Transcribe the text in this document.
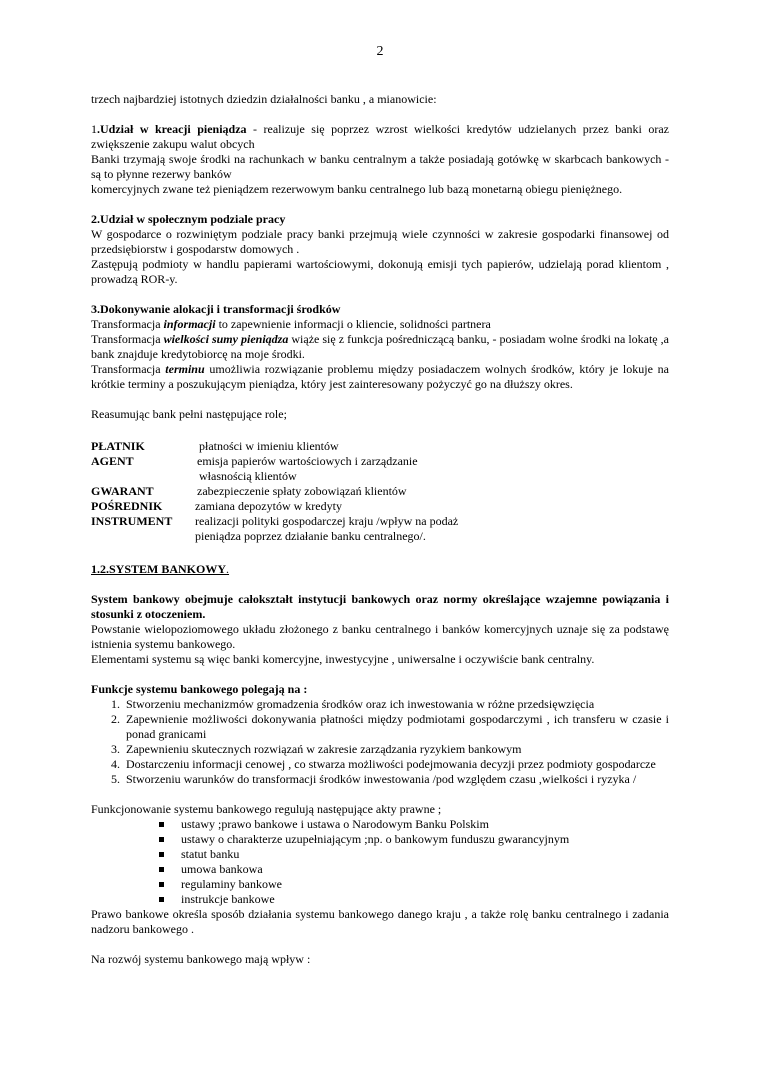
2

trzech najbardziej istotnych dziedzin działalności banku , a mianowicie:

1.Udział w kreacji pieniądza - realizuje się poprzez wzrost wielkości kredytów udzielanych przez banki oraz zwiększenie zakupu walut obcych

Banki trzymają swoje środki na rachunkach w banku centralnym a także posiadają gotówkę w skarbcach bankowych - są to płynne rezerwy banków

komercyjnych zwane też pieniądzem rezerwowym banku centralnego lub bazą monetarną obiegu pieniężnego.

2.Udział w społecznym podziale pracy

W gospodarce o rozwiniętym podziale pracy banki przejmują wiele czynności w zakresie gospodarki finansowej od przedsiębiorstw i gospodarstw domowych .

Zastępują podmioty w handlu papierami wartościowymi, dokonują emisji tych papierów, udzielają porad klientom , prowadzą ROR-y.

3.Dokonywanie alokacji i transformacji środków

Transformacja informacji to zapewnienie informacji o kliencie, solidności partnera

Transformacja wielkości sumy pieniądza wiąże się z funkcja pośredniczącą banku, - posiadam wolne środki na lokatę ,a bank znajduje kredytobiorcę na moje środki.

Transformacja terminu umożliwia rozwiązanie problemu między posiadaczem wolnych środków, który je lokuje na krótkie terminy a poszukującym pieniądza, który jest zainteresowany pożyczyć go na dłuższy okres.

Reasumując bank pełni następujące role;

PŁATNIK	płatności w imieniu klientów
AGENT	emisja papierów wartościowych i zarządzanie
własnością klientów
GWARANT	zabezpieczenie spłaty zobowiązań klientów
POŚREDNIK	zamiana depozytów w kredyty
INSTRUMENT realizacji polityki gospodarczej kraju /wpływ na podaż
pieniądza poprzez działanie banku centralnego/.

1.2.SYSTEM BANKOWY.

System bankowy obejmuje całokształt instytucji bankowych oraz normy określające wzajemne powiązania i stosunki z otoczeniem.

Powstanie wielopoziomowego układu złożonego z banku centralnego i banków komercyjnych uznaje się za podstawę istnienia systemu bankowego.

Elementami systemu są więc banki komercyjne, inwestycyjne , uniwersalne i oczywiście bank centralny.

Funkcje systemu bankowego polegają na :

1. Stworzeniu mechanizmów gromadzenia środków oraz ich inwestowania w różne przedsięwzięcia
2. Zapewnienie możliwości dokonywania płatności między podmiotami gospodarczymi , ich transferu w czasie i ponad granicami
3. Zapewnieniu skutecznych rozwiązań w zakresie zarządzania ryzykiem bankowym
4. Dostarczeniu informacji cenowej , co stwarza możliwości podejmowania decyzji przez podmioty gospodarcze
5. Stworzeniu warunków do transformacji środków inwestowania /pod względem czasu ,wielkości i ryzyka /

Funkcjonowanie systemu bankowego regulują następujące akty prawne ;

ustawy ;prawo bankowe i ustawa o Narodowym Banku Polskim
ustawy o charakterze uzupełniającym ;np. o bankowym funduszu gwarancyjnym
statut banku
umowa bankowa
regulaminy bankowe
instrukcje bankowe

Prawo bankowe określa sposób działania systemu bankowego danego kraju , a także rolę banku centralnego i zadania nadzoru bankowego .

Na rozwój systemu bankowego mają wpływ :
